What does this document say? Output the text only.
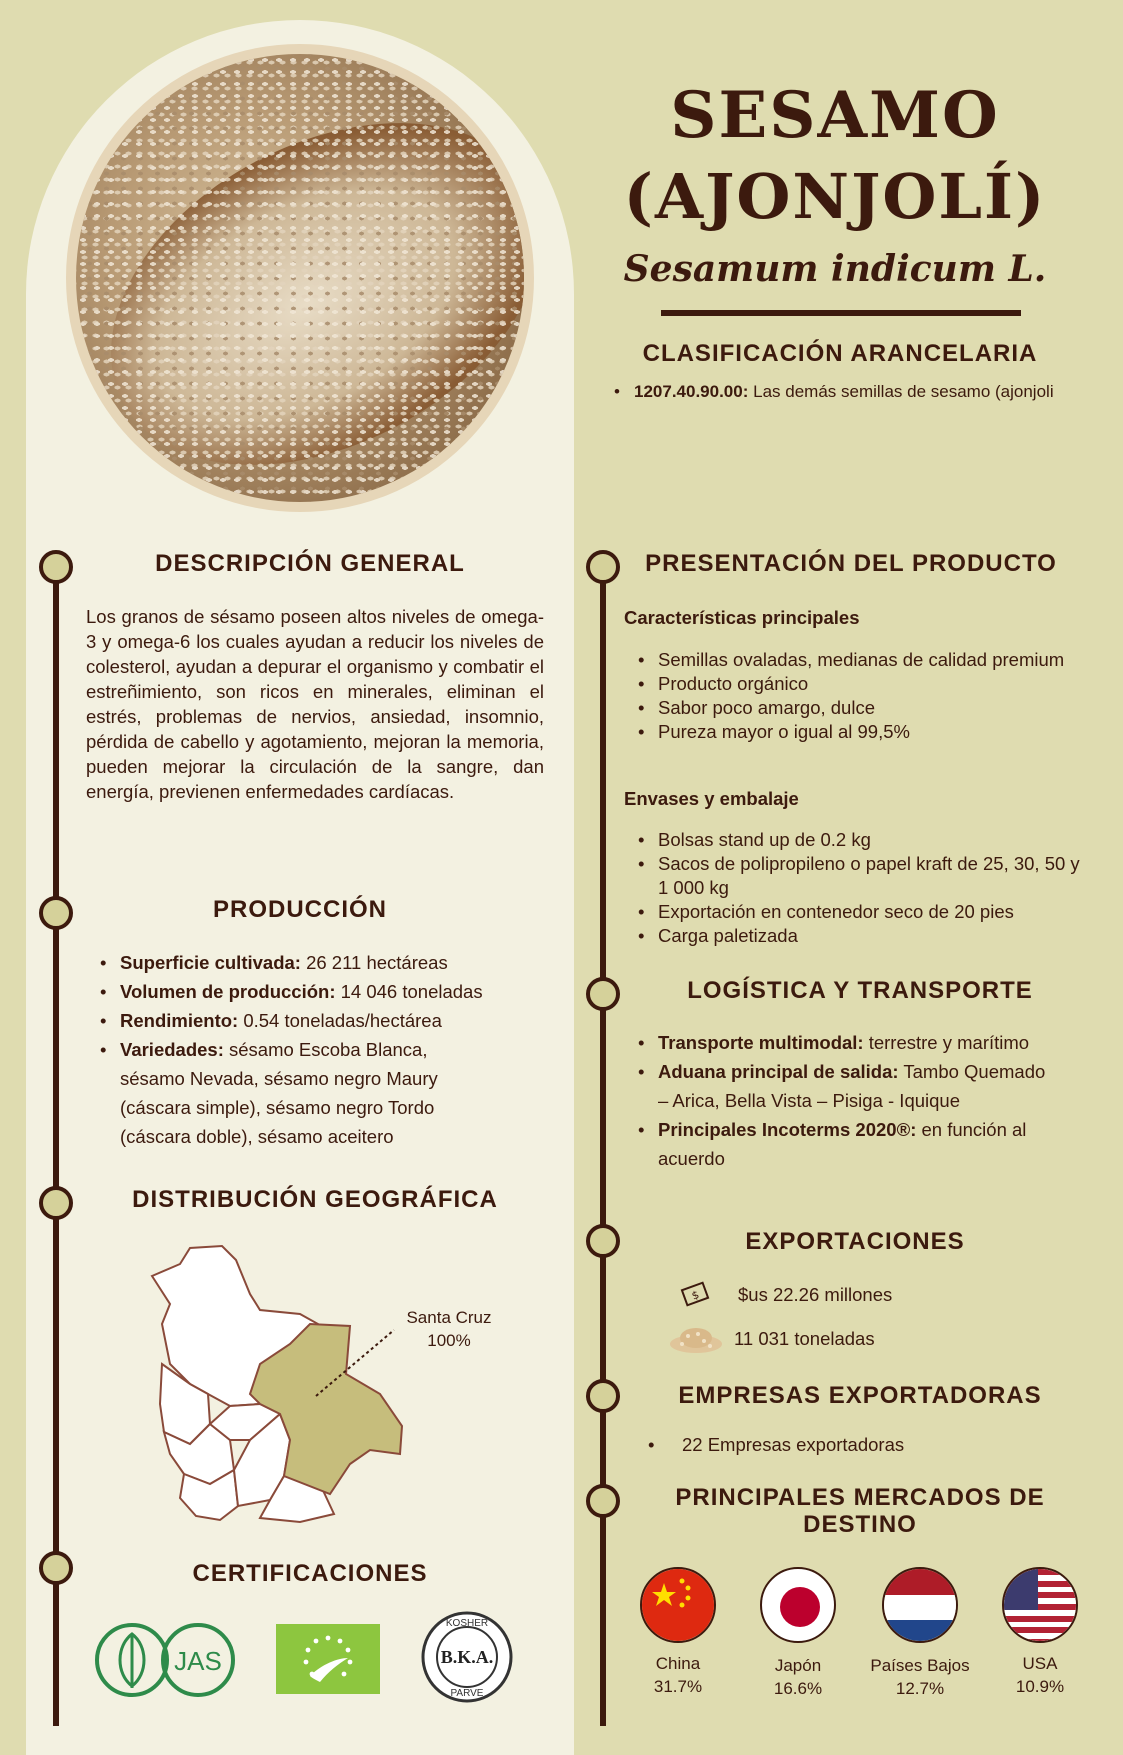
SESAMO
(AJONJOLÍ)
Sesamum indicum L.
CLASIFICACIÓN ARANCELARIA
• 1207.40.90.00: Las demás semillas de sesamo (ajonjoli
DESCRIPCIÓN GENERAL

Los granos de sésamo poseen altos niveles de omega-3 y omega-6 los cuales ayudan a reducir los niveles de colesterol, ayudan a depurar el organismo y combatir el estreñimiento, son ricos en minerales, eliminan el estrés, problemas de nervios, ansiedad, insomnio, pérdida de cabello y agotamiento, mejoran la memoria, pueden mejorar la circulación de la sangre, dan energía, previenen enfermedades cardíacas.

PRODUCCIÓN
• Superficie cultivada: 26 211 hectáreas
• Volumen de producción: 14 046 toneladas
• Rendimiento: 0.54 toneladas/hectárea
• Variedades: sésamo Escoba Blanca, sésamo Nevada, sésamo negro Maury (cáscara simple), sésamo negro Tordo (cáscara doble), sésamo aceitero
DISTRIBUCIÓN GEOGRÁFICA
Santa Cruz
100%
CERTIFICACIONES
JAS	B.K.A.
KOSHER
PARVE
PRESENTACIÓN DEL PRODUCTO
Características principales
• Semillas ovaladas, medianas de calidad premium
• Producto orgánico
• Sabor poco amargo, dulce
• Pureza mayor o igual al 99,5%
Envases y embalaje
• Bolsas stand up de 0.2 kg
• Sacos de polipropileno o papel kraft de 25, 30, 50 y 1 000 kg
• Exportación en contenedor seco de 20 pies
• Carga paletizada
LOGÍSTICA Y TRANSPORTE
• Transporte multimodal: terrestre y marítimo
• Aduana principal de salida: Tambo Quemado – Arica, Bella Vista – Pisiga - Iquique
• Principales Incoterms 2020®: en función al acuerdo
EXPORTACIONES
$ $us 22.26 millones
11 031 toneladas
EMPRESAS EXPORTADORAS
• 22 Empresas exportadoras
PRINCIPALES MERCADOS DE DESTINO
China
31.7%
Japón
16.6%
Países Bajos
12.7%
USA
10.9%
